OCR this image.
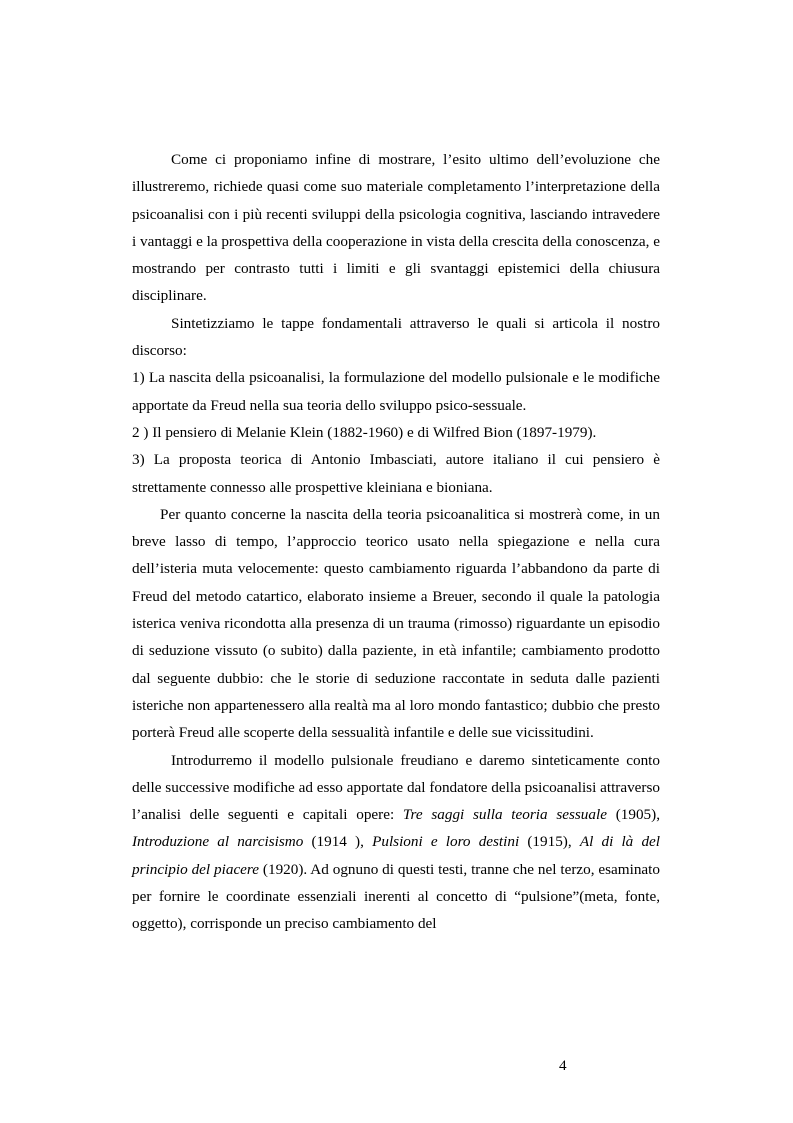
Come ci proponiamo infine di mostrare, l’esito ultimo dell’evoluzione che illustreremo, richiede quasi come suo materiale completamento l’interpretazione della psicoanalisi con i più recenti sviluppi della psicologia cognitiva, lasciando intravedere i vantaggi e la prospettiva della cooperazione in vista della crescita della conoscenza, e mostrando per contrasto tutti i limiti e gli svantaggi epistemici della chiusura disciplinare.

Sintetizziamo le tappe fondamentali attraverso le quali si articola il nostro discorso:

1) La nascita della psicoanalisi, la formulazione del modello pulsionale e le modifiche apportate da Freud nella sua teoria dello sviluppo psico-sessuale.

2 ) Il pensiero di Melanie Klein (1882-1960) e di Wilfred Bion (1897-1979).

3) La proposta teorica di Antonio Imbasciati, autore italiano il cui pensiero è strettamente connesso alle prospettive kleiniana e bioniana.

Per quanto concerne la nascita della teoria psicoanalitica si mostrerà come, in un breve lasso di tempo, l’approccio teorico usato nella spiegazione e nella cura dell’isteria muta velocemente: questo cambiamento riguarda l’abbandono da parte di Freud del metodo catartico, elaborato insieme a Breuer, secondo il quale la patologia isterica veniva ricondotta alla presenza di un trauma (rimosso) riguardante un episodio di seduzione vissuto (o subito) dalla paziente, in età infantile; cambiamento prodotto dal seguente dubbio: che le storie di seduzione raccontate in seduta dalle pazienti isteriche non appartenessero alla realtà ma al loro mondo fantastico; dubbio che presto porterà Freud alle scoperte della sessualità infantile e delle sue vicissitudini.

Introdurremo il modello pulsionale freudiano e daremo sinteticamente conto delle successive modifiche ad esso apportate dal fondatore della psicoanalisi attraverso l’analisi delle seguenti e capitali opere: Tre saggi sulla teoria sessuale (1905), Introduzione al narcisismo (1914 ), Pulsioni e loro destini (1915), Al di là del principio del piacere (1920). Ad ognuno di questi testi, tranne che nel terzo, esaminato per fornire le coordinate essenziali inerenti al concetto di “pulsione”(meta, fonte, oggetto), corrisponde un preciso cambiamento del

4
